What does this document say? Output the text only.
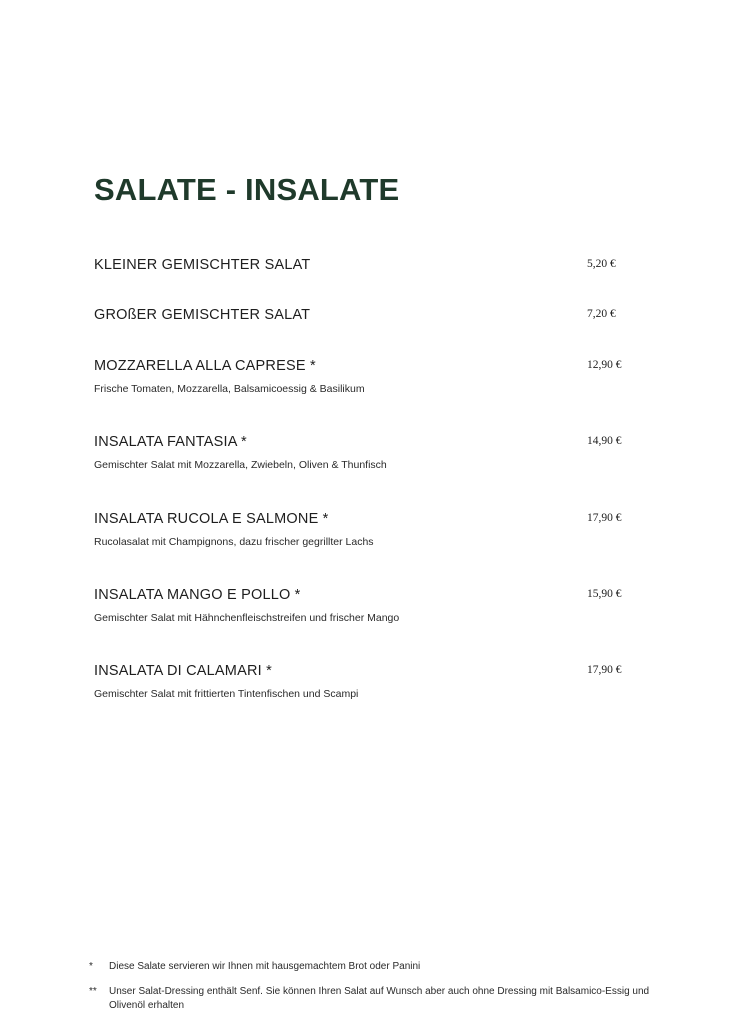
SALATE - INSALATE
KLEINER GEMISCHTER SALAT	5,20 €
GROßER GEMISCHTER SALAT	7,20 €
MOZZARELLA ALLA CAPRESE *	12,90 €
Frische Tomaten, Mozzarella, Balsamicoessig & Basilikum
INSALATA FANTASIA *	14,90 €
Gemischter Salat mit Mozzarella, Zwiebeln, Oliven & Thunfisch
INSALATA RUCOLA E SALMONE *	17,90 €
Rucolasalat mit Champignons, dazu frischer gegrillter Lachs
INSALATA MANGO E POLLO *	15,90 €
Gemischter Salat mit Hähnchenfleischstreifen und frischer Mango
INSALATA DI CALAMARI *	17,90 €
Gemischter Salat mit frittierten Tintenfischen und Scampi
* Diese Salate servieren wir Ihnen mit hausgemachtem Brot oder Panini
** Unser Salat-Dressing enthält Senf. Sie können Ihren Salat auf Wunsch aber auch ohne Dressing mit Balsamico-Essig und Olivenöl erhalten
